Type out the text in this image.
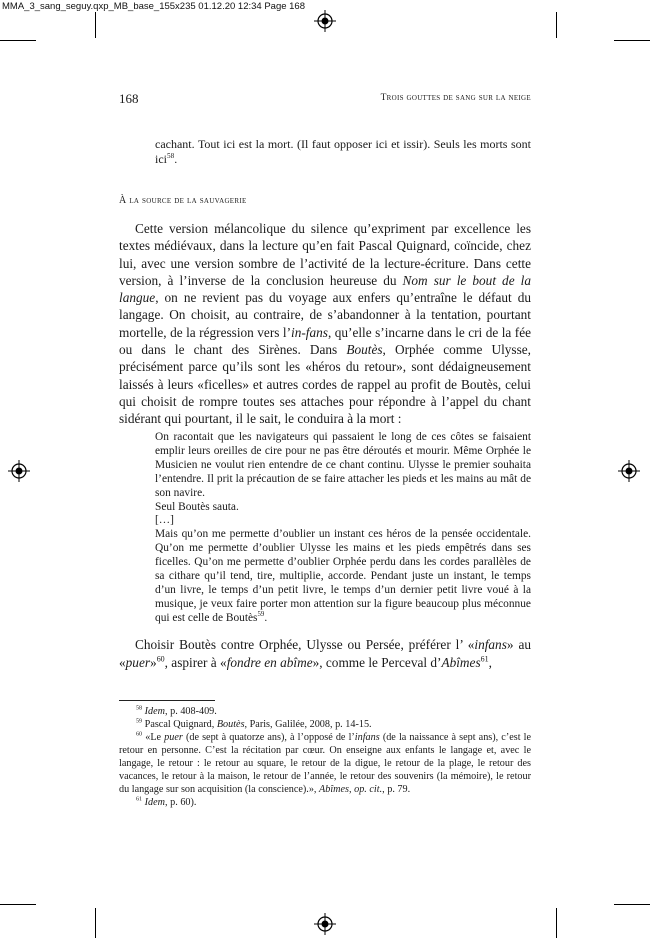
MMA_3_sang_seguy.qxp_MB_base_155x235 01.12.20 12:34 Page 168
168	trois gouttes de sang sur la neige
cachant. Tout ici est la mort. (Il faut opposer ici et issir). Seuls les morts sont ici$^{58}$.
À la source de la sauvagerie
Cette version mélancolique du silence qu’expriment par excellence les textes médiévaux, dans la lecture qu’en fait Pascal Quignard, coïncide, chez lui, avec une version sombre de l’activité de la lecture-écriture. Dans cette version, à l’inverse de la conclusion heureuse du Nom sur le bout de la langue, on ne revient pas du voyage aux enfers qu’entraîne le défaut du langage. On choisit, au contraire, de s’abandonner à la tentation, pourtant mortelle, de la régression vers l’in-fans, qu’elle s’incarne dans le cri de la fée ou dans le chant des Sirènes. Dans Boutès, Orphée comme Ulysse, précisément parce qu’ils sont les «héros du retour», sont dédaigneusement laissés à leurs «ficelles» et autres cordes de rappel au profit de Boutès, celui qui choisit de rompre toutes ses attaches pour répondre à l’appel du chant sidérant qui pourtant, il le sait, le conduira à la mort :

On racontait que les navigateurs qui passaient le long de ces côtes se faisaient emplir leurs oreilles de cire pour ne pas être déroutés et mourir. Même Orphée le Musicien ne voulut rien entendre de ce chant continu. Ulysse le premier souhaita l’entendre. Il prit la précaution de se faire attacher les pieds et les mains au mât de son navire.

Seul Boutès sauta.

[…]

Mais qu’on me permette d’oublier un instant ces héros de la pensée occidentale. Qu’on me permette d’oublier Ulysse les mains et les pieds empêtrés dans ses ficelles. Qu’on me permette d’oublier Orphée perdu dans les cordes parallèles de sa cithare qu’il tend, tire, multiplie, accorde. Pendant juste un instant, le temps d’un livre, le temps d’un petit livre, le temps d’un dernier petit livre voué à la musique, je veux faire porter mon attention sur la figure beaucoup plus méconnue qui est celle de Boutès$^{59}$.

Choisir Boutès contre Orphée, Ulysse ou Persée, préférer l’ «infans» au «puer»$^{60}$, aspirer à «fondre en abîme», comme le Perceval d’Abîmes$^{61}$,

$^{58}$ Idem, p. 408-409.

$^{59}$ Pascal Quignard, Boutès, Paris, Galilée, 2008, p. 14-15.

$^{60}$ «Le puer (de sept à quatorze ans), à l’opposé de l’infans (de la naissance à sept ans), c’est le retour en personne. C’est la récitation par cœur. On enseigne aux enfants le langage et, avec le langage, le retour : le retour au square, le retour de la digue, le retour de la plage, le retour des vacances, le retour à la maison, le retour de l’année, le retour des souvenirs (la mémoire), le retour du langage sur son acquisition (la conscience).», Abîmes, op. cit., p. 79.

$^{61}$ Idem, p. 60).
